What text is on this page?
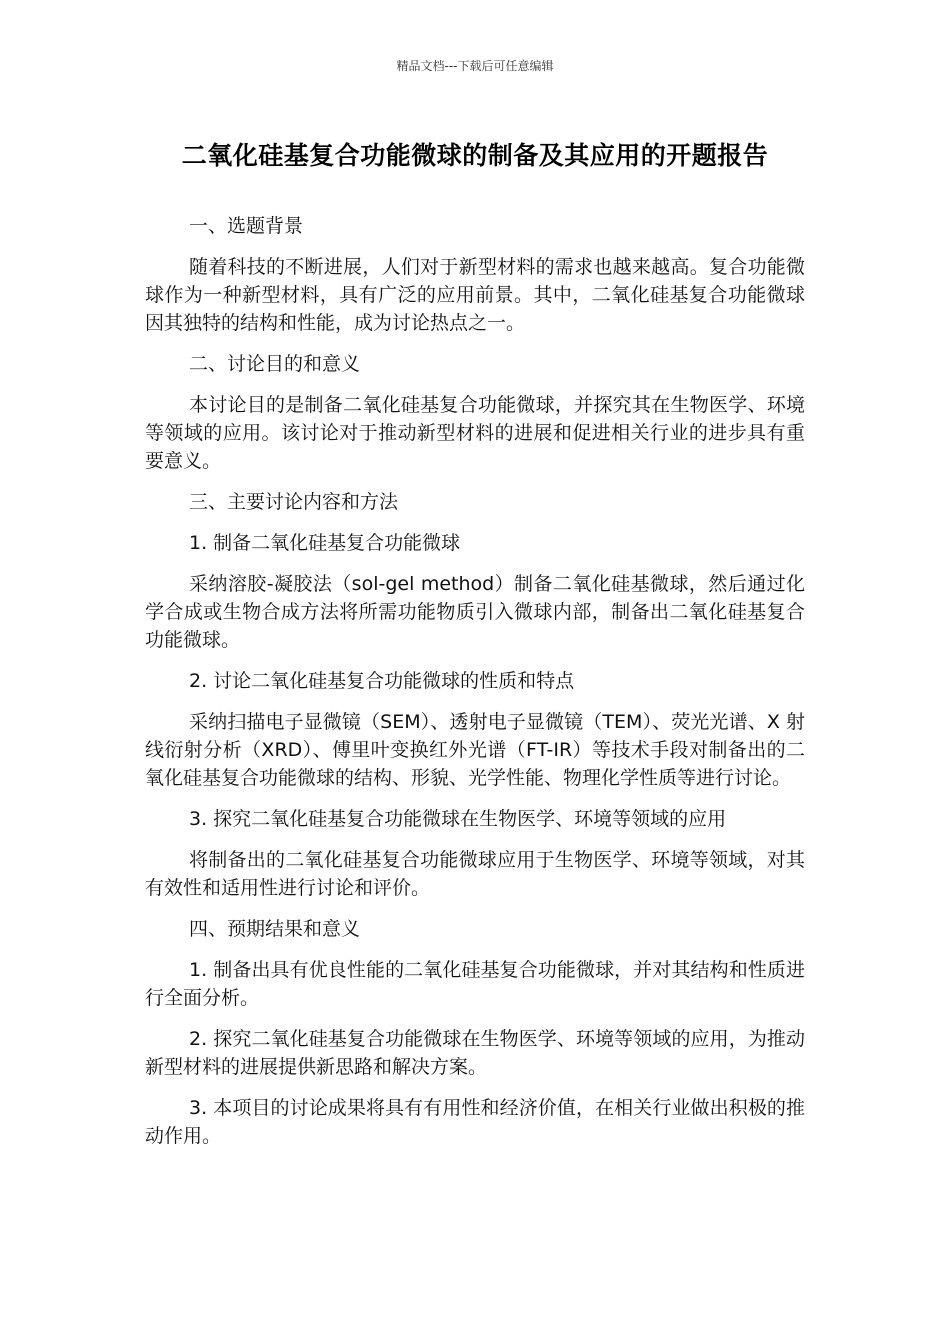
精品文档---下载后可任意编辑
二氧化硅基复合功能微球的制备及其应用的开题报告

一、选题背景

随着科技的不断进展，人们对于新型材料的需求也越来越高。复合功能微球作为一种新型材料，具有广泛的应用前景。其中，二氧化硅基复合功能微球因其独特的结构和性能，成为讨论热点之一。

二、讨论目的和意义

本讨论目的是制备二氧化硅基复合功能微球，并探究其在生物医学、环境等领域的应用。该讨论对于推动新型材料的进展和促进相关行业的进步具有重要意义。

三、主要讨论内容和方法

1. 制备二氧化硅基复合功能微球

采纳溶胶-凝胶法（sol-gel method）制备二氧化硅基微球，然后通过化学合成或生物合成方法将所需功能物质引入微球内部，制备出二氧化硅基复合功能微球。

2. 讨论二氧化硅基复合功能微球的性质和特点

采纳扫描电子显微镜（SEM）、透射电子显微镜（TEM）、荧光光谱、X 射线衍射分析（XRD）、傅里叶变换红外光谱（FT-IR）等技术手段对制备出的二氧化硅基复合功能微球的结构、形貌、光学性能、物理化学性质等进行讨论。

3. 探究二氧化硅基复合功能微球在生物医学、环境等领域的应用

将制备出的二氧化硅基复合功能微球应用于生物医学、环境等领域，对其有效性和适用性进行讨论和评价。

四、预期结果和意义

1. 制备出具有优良性能的二氧化硅基复合功能微球，并对其结构和性质进行全面分析。

2. 探究二氧化硅基复合功能微球在生物医学、环境等领域的应用，为推动新型材料的进展提供新思路和解决方案。

3. 本项目的讨论成果将具有有用性和经济价值，在相关行业做出积极的推动作用。
